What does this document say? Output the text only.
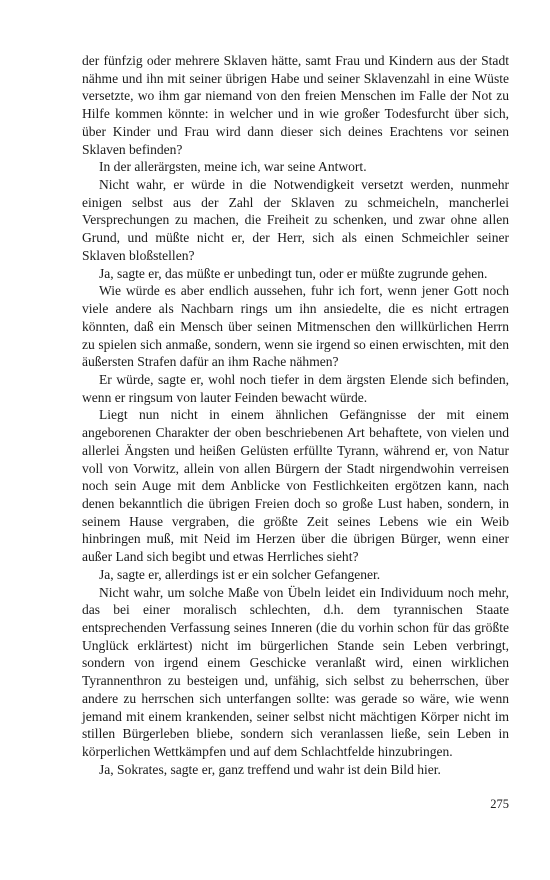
der fünfzig oder mehrere Sklaven hätte, samt Frau und Kindern aus der Stadt nähme und ihn mit seiner übrigen Habe und seiner Sklavenzahl in eine Wüste versetzte, wo ihm gar niemand von den freien Menschen im Falle der Not zu Hilfe kommen könnte: in welcher und in wie großer Todesfurcht über sich, über Kinder und Frau wird dann dieser sich deines Erachtens vor seinen Sklaven befinden?

In der allerärgsten, meine ich, war seine Antwort.

Nicht wahr, er würde in die Notwendigkeit versetzt werden, nunmehr einigen selbst aus der Zahl der Sklaven zu schmeicheln, mancherlei Versprechungen zu machen, die Freiheit zu schenken, und zwar ohne allen Grund, und müßte nicht er, der Herr, sich als einen Schmeichler seiner Sklaven bloßstellen?

Ja, sagte er, das müßte er unbedingt tun, oder er müßte zugrunde gehen.

Wie würde es aber endlich aussehen, fuhr ich fort, wenn jener Gott noch viele andere als Nachbarn rings um ihn ansiedelte, die es nicht ertragen könnten, daß ein Mensch über seinen Mitmenschen den willkürlichen Herrn zu spielen sich anmaße, sondern, wenn sie irgend so einen erwischten, mit den äußersten Strafen dafür an ihm Rache nähmen?

Er würde, sagte er, wohl noch tiefer in dem ärgsten Elende sich befinden, wenn er ringsum von lauter Feinden bewacht würde.

Liegt nun nicht in einem ähnlichen Gefängnisse der mit einem angeborenen Charakter der oben beschriebenen Art behaftete, von vielen und allerlei Ängsten und heißen Gelüsten erfüllte Tyrann, während er, von Natur voll von Vorwitz, allein von allen Bürgern der Stadt nirgendwohin verreisen noch sein Auge mit dem Anblicke von Festlichkeiten ergötzen kann, nach denen bekanntlich die übrigen Freien doch so große Lust haben, sondern, in seinem Hause vergraben, die größte Zeit seines Lebens wie ein Weib hinbringen muß, mit Neid im Herzen über die übrigen Bürger, wenn einer außer Land sich begibt und etwas Herrliches sieht?

Ja, sagte er, allerdings ist er ein solcher Gefangener.

Nicht wahr, um solche Maße von Übeln leidet ein Individuum noch mehr, das bei einer moralisch schlechten, d.h. dem tyrannischen Staate entsprechenden Verfassung seines Inneren (die du vorhin schon für das größte Unglück erklärtest) nicht im bürgerlichen Stande sein Leben verbringt, sondern von irgend einem Geschicke veranlaßt wird, einen wirklichen Tyrannenthron zu besteigen und, unfähig, sich selbst zu beherrschen, über andere zu herrschen sich unterfangen sollte: was gerade so wäre, wie wenn jemand mit einem krankenden, seiner selbst nicht mächtigen Körper nicht im stillen Bürgerleben bliebe, sondern sich veranlassen ließe, sein Leben in körperlichen Wettkämpfen und auf dem Schlachtfelde hinzubringen.

Ja, Sokrates, sagte er, ganz treffend und wahr ist dein Bild hier.

275
